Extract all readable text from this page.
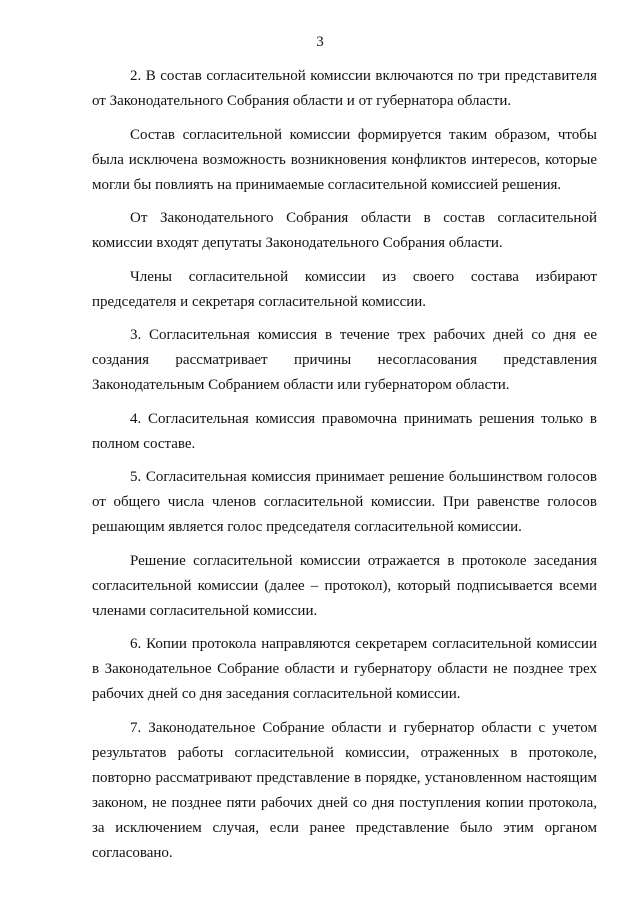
3

2. В состав согласительной комиссии включаются по три представителя от Законодательного Собрания области и от губернатора области.

Состав согласительной комиссии формируется таким образом, чтобы была исключена возможность возникновения конфликтов интересов, которые могли бы повлиять на принимаемые согласительной комиссией решения.

От Законодательного Собрания области в состав согласительной комиссии входят депутаты Законодательного Собрания области.

Члены согласительной комиссии из своего состава избирают председателя и секретаря согласительной комиссии.

3. Согласительная комиссия в течение трех рабочих дней со дня ее создания рассматривает причины несогласования представления Законодательным Собранием области или губернатором области.

4. Согласительная комиссия правомочна принимать решения только в полном составе.

5. Согласительная комиссия принимает решение большинством голосов от общего числа членов согласительной комиссии. При равенстве голосов решающим является голос председателя согласительной комиссии.

Решение согласительной комиссии отражается в протоколе заседания согласительной комиссии (далее – протокол), который подписывается всеми членами согласительной комиссии.

6. Копии протокола направляются секретарем согласительной комиссии в Законодательное Собрание области и губернатору области не позднее трех рабочих дней со дня заседания согласительной комиссии.

7. Законодательное Собрание области и губернатор области с учетом результатов работы согласительной комиссии, отраженных в протоколе, повторно рассматривают представление в порядке, установленном настоящим законом, не позднее пяти рабочих дней со дня поступления копии протокола, за исключением случая, если ранее представление было этим органом согласовано.
